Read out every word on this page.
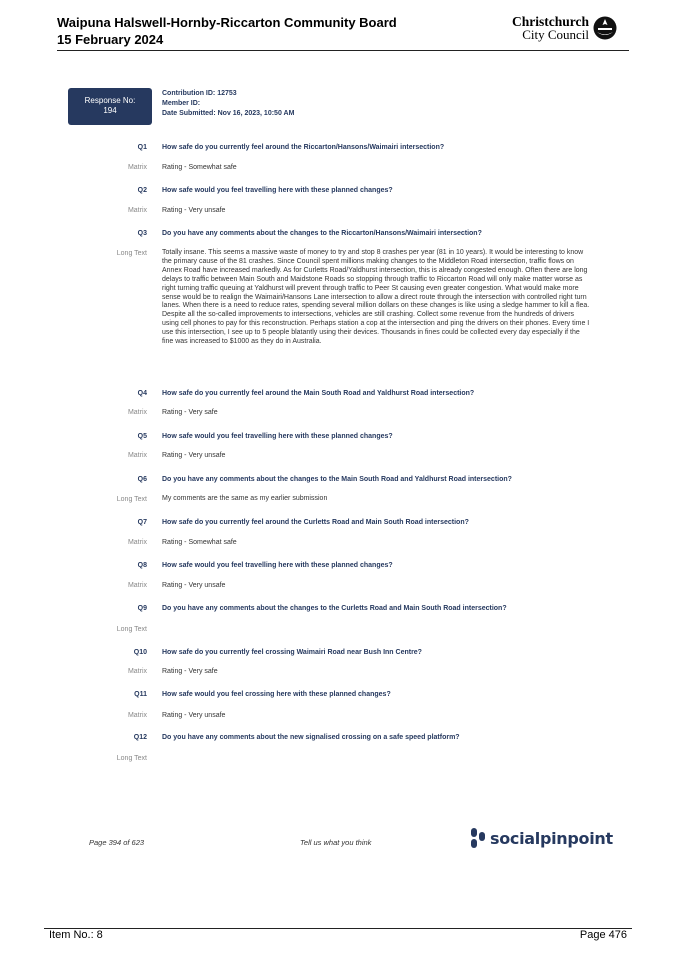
Waipuna Halswell-Hornby-Riccarton Community Board
15 February 2024
Christchurch
City Council
Response No:
194
Contribution ID: 12753
Member ID:
Date Submitted: Nov 16, 2023, 10:50 AM
Q1 How safe do you currently feel around the Riccarton/Hansons/Waimairi intersection?
Matrix Rating - Somewhat safe
Q2 How safe would you feel travelling here with these planned changes?
Matrix Rating - Very unsafe
Q3 Do you have any comments about the changes to the Riccarton/Hansons/Waimairi intersection?
Long Text Totally insane. This seems a massive waste of money to try and stop 8 crashes per year (81 in 10 years). It would be interesting to know the primary cause of the 81 crashes. Since Council spent millions making changes to the Middleton Road intersection, traffic flows on Annex Road have increased markedly. As for Curletts Road/Yaldhurst intersection, this is already congested enough. Often there are long delays to traffic between Main South and Maidstone Roads so stopping through traffic to Riccarton Road will only make matter worse as right turning traffic queuing at Yaldhurst will prevent through traffic to Peer St causing even greater congestion. What would make more sense would be to realign the Waimairi/Hansons Lane intersection to allow a direct route through the intersection with controlled right turn lanes. When there is a need to reduce rates, spending several million dollars on these changes is like using a sledge hammer to kill a flea. Despite all the so-called improvements to intersections, vehicles are still crashing. Collect some revenue from the hundreds of drivers using cell phones to pay for this reconstruction. Perhaps station a cop at the intersection and ping the drivers on their phones. Every time I use this intersection, I see up to 5 people blatantly using their devices. Thousands in fines could be collected every day especially if the fine was increased to $1000 as they do in Australia.
Q4 How safe do you currently feel around the Main South Road and Yaldhurst Road intersection?
Matrix Rating - Very safe
Q5 How safe would you feel travelling here with these planned changes?
Matrix Rating - Very unsafe
Q6 Do you have any comments about the changes to the Main South Road and Yaldhurst Road intersection?
Long Text My comments are the same as my earlier submission
Q7 How safe do you currently feel around the Curletts Road and Main South Road intersection?
Matrix Rating - Somewhat safe
Q8 How safe would you feel travelling here with these planned changes?
Matrix Rating - Very unsafe
Q9 Do you have any comments about the changes to the Curletts Road and Main South Road intersection?
Long Text
Q10 How safe do you currently feel crossing Waimairi Road near Bush Inn Centre?
Matrix Rating - Very safe
Q11 How safe would you feel crossing here with these planned changes?
Matrix Rating - Very unsafe
Q12 Do you have any comments about the new signalised crossing on a safe speed platform?
Long Text
Page 394 of 623	Tell us what you think	socialpinpoint
Item No.: 8	Page 476
